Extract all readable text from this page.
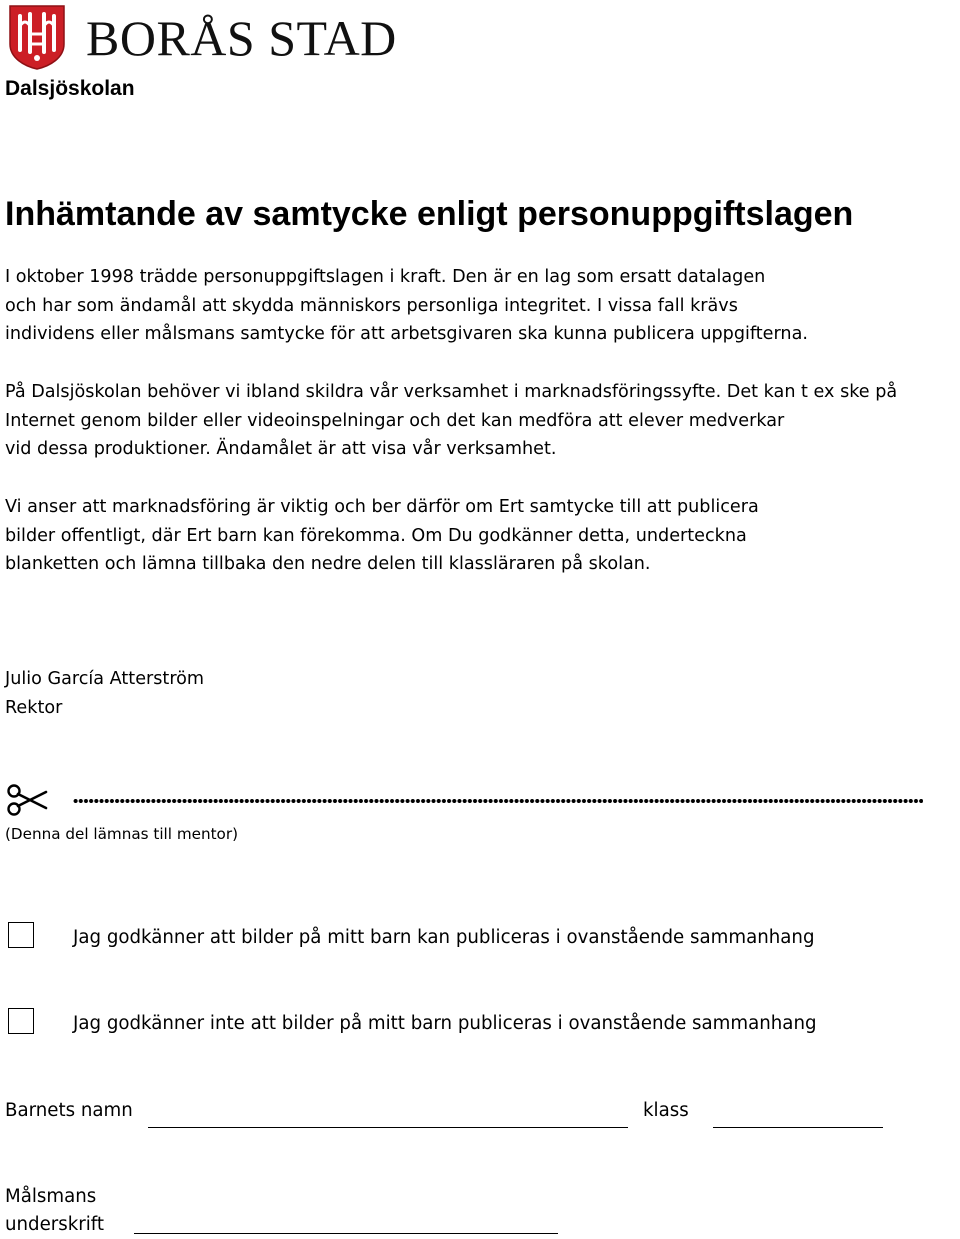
BORÅS STAD
Dalsjöskolan
Inhämtande av samtycke enligt personuppgiftslagen
I oktober 1998 trädde personuppgiftslagen i kraft. Den är en lag som ersatt datalagen
och har som ändamål att skydda människors personliga integritet. I vissa fall krävs
individens eller målsmans samtycke för att arbetsgivaren ska kunna publicera uppgifterna.
På Dalsjöskolan behöver vi ibland skildra vår verksamhet i marknadsföringssyfte. Det kan t ex ske på
Internet genom bilder eller videoinspelningar och det kan medföra att elever medverkar
vid dessa produktioner. Ändamålet är att visa vår verksamhet.
Vi anser att marknadsföring är viktig och ber därför om Ert samtycke till att publicera
bilder offentligt, där Ert barn kan förekomma. Om Du godkänner detta, underteckna
blanketten och lämna tillbaka den nedre delen till klassläraren på skolan.
Julio García Atterström
Rektor
(Denna del lämnas till mentor)
Jag godkänner att bilder på mitt barn kan publiceras i ovanstående sammanhang
Jag godkänner inte att bilder på mitt barn publiceras i ovanstående sammanhang
Barnets namn	klass
Målsmans
underskrift
